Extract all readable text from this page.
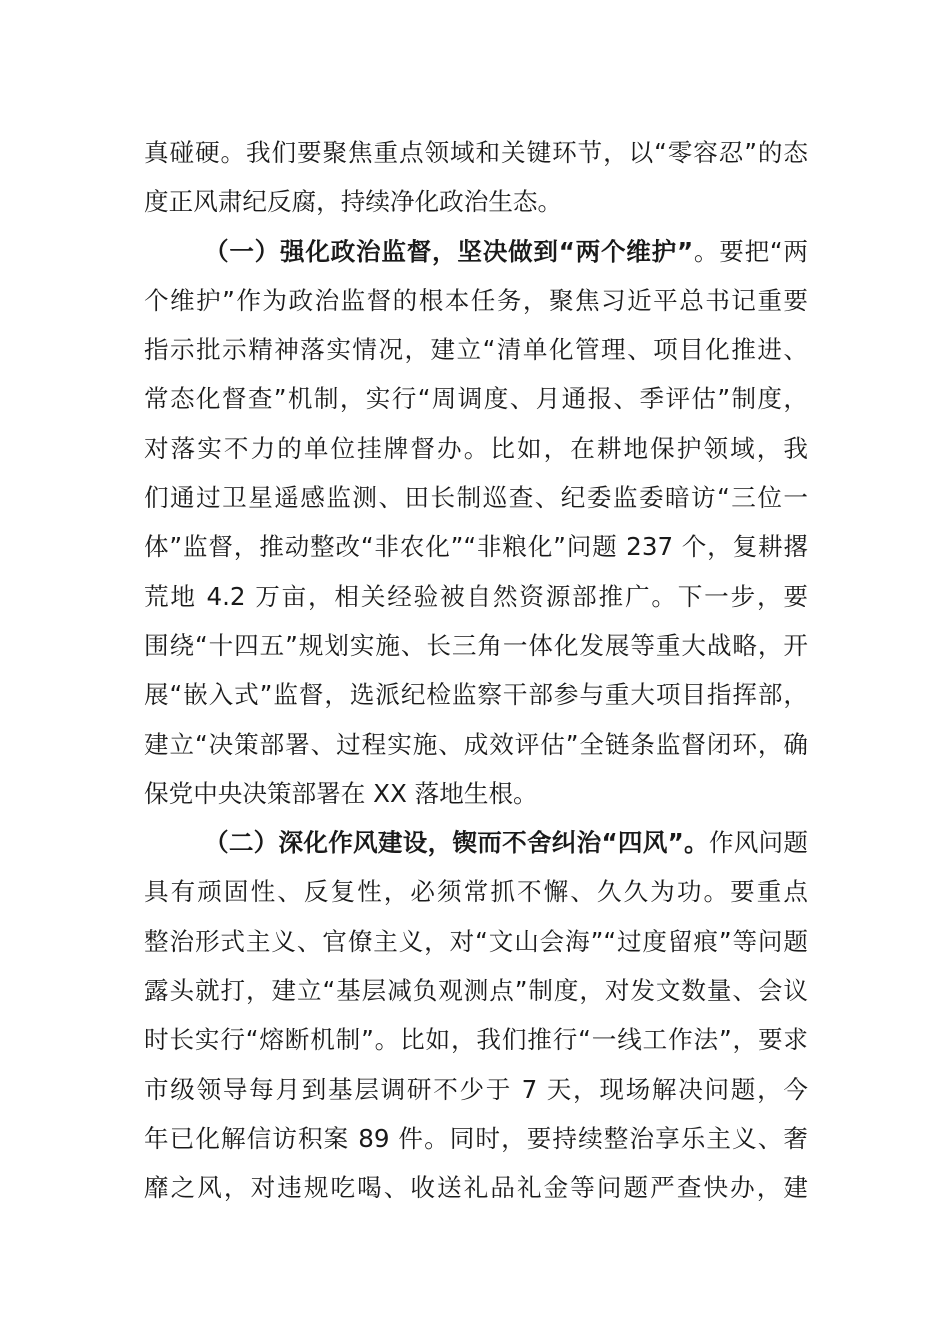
真碰硬。我们要聚焦重点领域和关键环节，以“零容忍”的态
度正风肃纪反腐，持续净化政治生态。
（一）强化政治监督，坚决做到“两个维护”。要把“两
个维护”作为政治监督的根本任务，聚焦习近平总书记重要
指示批示精神落实情况，建立“清单化管理、项目化推进、
常态化督查”机制，实行“周调度、月通报、季评估”制度，
对落实不力的单位挂牌督办。比如，在耕地保护领域，我
们通过卫星遥感监测、田长制巡查、纪委监委暗访“三位一
体”监督，推动整改“非农化”“非粮化”问题 237 个，复耕撂
荒地 4.2 万亩，相关经验被自然资源部推广。下一步，要
围绕“十四五”规划实施、长三角一体化发展等重大战略，开
展“嵌入式”监督，选派纪检监察干部参与重大项目指挥部，
建立“决策部署、过程实施、成效评估”全链条监督闭环，确
保党中央决策部署在 XX 落地生根。
（二）深化作风建设，锲而不舍纠治“四风”。作风问题
具有顽固性、反复性，必须常抓不懈、久久为功。要重点
整治形式主义、官僚主义，对“文山会海”“过度留痕”等问题
露头就打，建立“基层减负观测点”制度，对发文数量、会议
时长实行“熔断机制”。比如，我们推行“一线工作法”，要求
市级领导每月到基层调研不少于 7 天，现场解决问题，今
年已化解信访积案 89 件。同时，要持续整治享乐主义、奢
靡之风，对违规吃喝、收送礼品礼金等问题严查快办，建
